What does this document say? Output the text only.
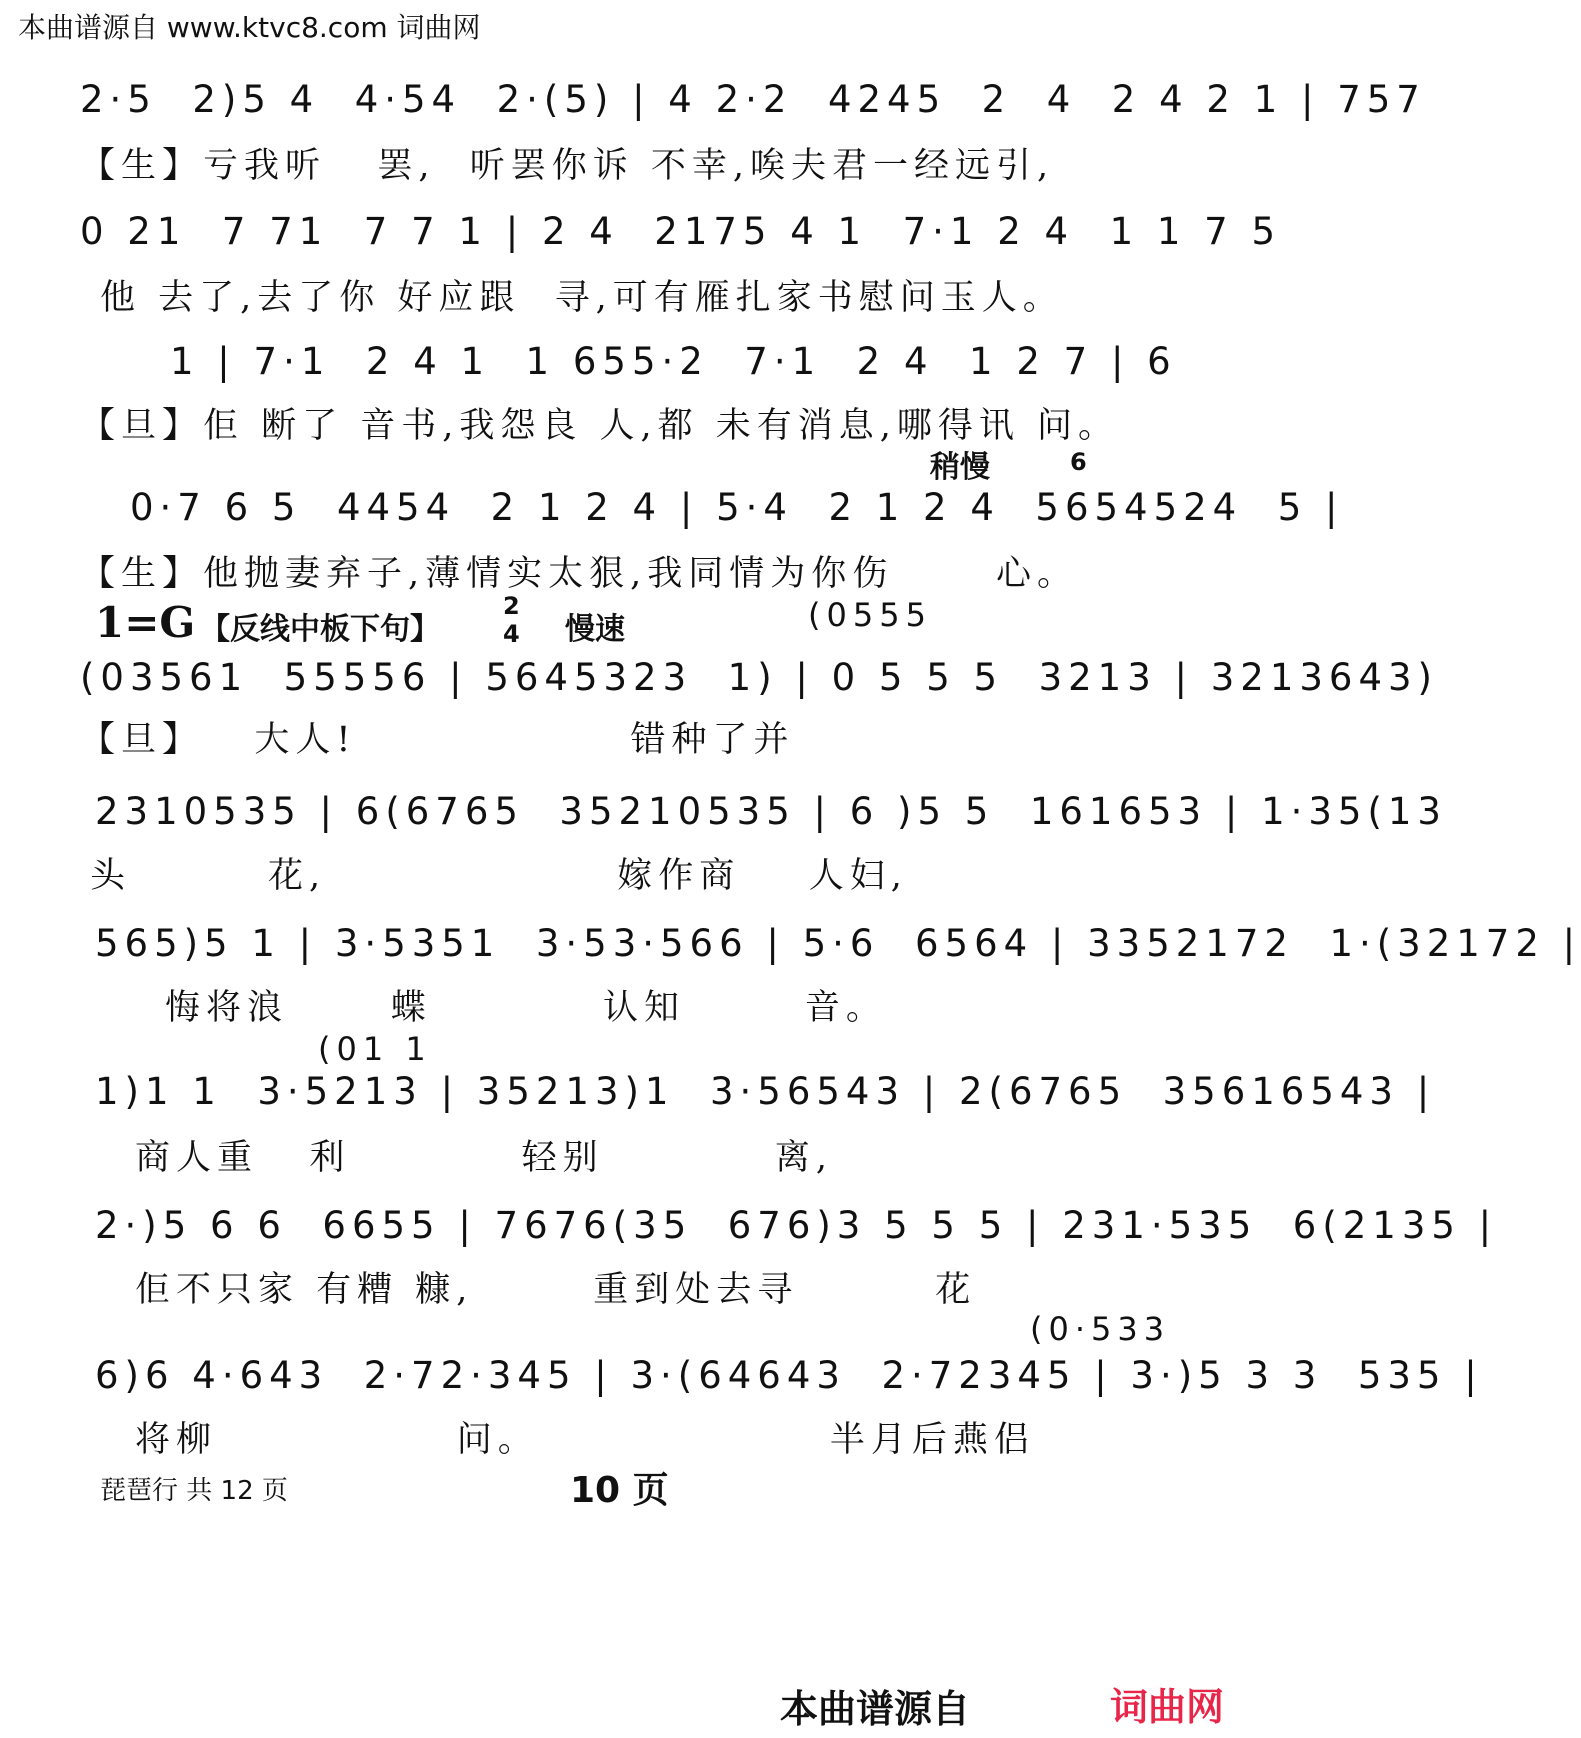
本曲谱源自 www.ktvc8.com 词曲网
2·5  2)5 4  4·54  2·(5) | 4 2·2  4245  2  4  2 4 2 1 | 757
【生】亏我听   罢,  听罢你诉 不幸,唉夫君一经远引,
0 21  7 71  7 7 1 | 2 4  2175 4 1  7·1 2 4  1 1 7 5
他 去了,去了你 好应跟  寻,可有雁扎家书慰问玉人。
1 | 7·1  2 4 1  1 655·2  7·1  2 4  1 2 7 | 6
【旦】佢 断了 音书,我怨良 人,都 未有消息,哪得讯 问。
稍慢	6
0·7 6 5  4454  2 1 2 4 | 5·4  2 1 2 4  5654524  5 |
【生】他抛妻弃子,薄情实太狠,我同情为你伤      心。
1=G 【反线中板下句】
2
4 慢速	(0555
(03561  55556 | 5645323  1) | 0 5 5 5  3213 | 3213643)
【旦】   大人!                错种了并
2310535 | 6(6765  35210535 | 6 )5 5  161653 | 1·35(13
头        花,                 嫁作商    人妇,
565)5 1 | 3·5351  3·53·566 | 5·6  6564 | 3352172  1·(32172 |
悔将浪      蝶          认知       音。
(01 1
1)1 1  3·5213 | 35213)1  3·56543 | 2(6765  35616543 |
商人重   利          轻别          离,
2·)5 6 6  6655 | 7676(35  676)3 5 5 5 | 231·535  6(2135 |
佢不只家 有糟 糠,       重到处去寻        花
(0·533
6)6 4·643  2·72·345 | 3·(64643  2·72345 | 3·)5 3 3  535 |
将柳              问。                 半月后燕侣
琵琶行 共 12 页	10 页
本曲谱源自	词曲网
